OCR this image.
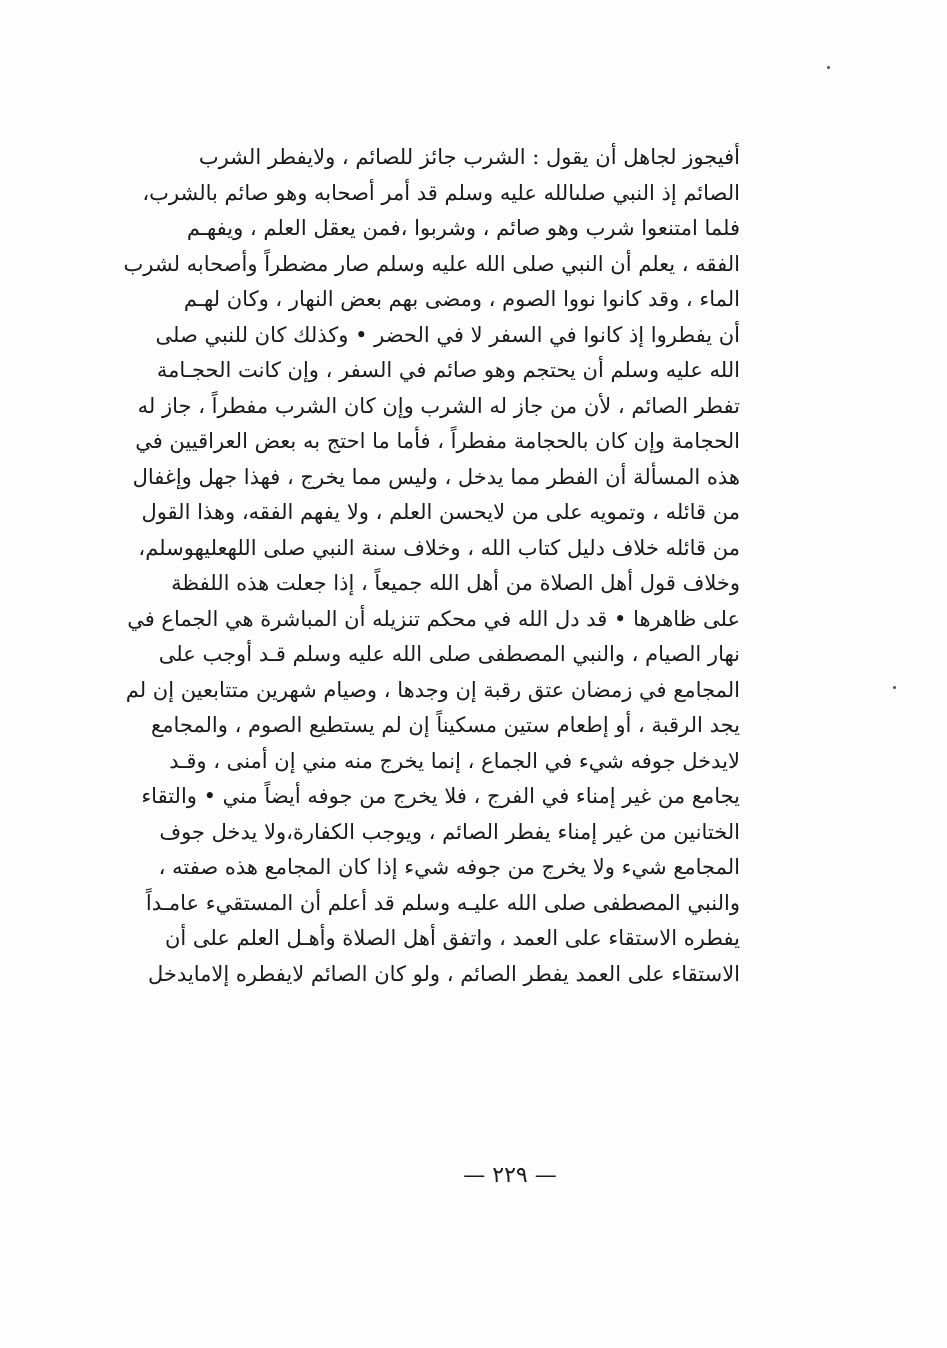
أفيجوز لجاهل أن يقول : الشرب جائز للصائم ، ولايفطر الشرب
الصائم إذ النبي صلىالله عليه وسلم قد أمر أصحابه وهو صائم بالشرب،
فلما امتنعوا شرب وهو صائم ، وشربوا ،فمن يعقل العلم ، ويفهـم
الفقه ، يعلم أن النبي صلى الله عليه وسلم صار مضطراً وأصحابه لشرب
الماء ، وقد كانوا نووا الصوم ، ومضى بهم بعض النهار ، وكان لهـم
أن يفطروا إذ كانوا في السفر لا في الحضر • وكذلك كان للنبي صلى
الله عليه وسلم أن يحتجم وهو صائم في السفر ، وإن كانت الحجـامة
تفطر الصائم ، لأن من جاز له الشرب وإن كان الشرب مفطراً ، جاز له
الحجامة وإن كان بالحجامة مفطراً ، فأما ما احتج به بعض العراقيين في
هذه المسألة أن الفطر مما يدخل ، وليس مما يخرج ، فهذا جهل وإغفال
من قائله ، وتمويه على من لايحسن العلم ، ولا يفهم الفقه، وهذا القول
من قائله خلاف دليل كتاب الله ، وخلاف سنة النبي صلى اللهعليهوسلم،
وخلاف قول أهل الصلاة من أهل الله جميعاً ، إذا جعلت هذه اللفظة
على ظاهرها • قد دل الله في محكم تنزيله أن المباشرة هي الجماع في
نهار الصيام ، والنبي المصطفى صلى الله عليه وسلم قـد أوجب على
المجامع في زمضان عتق رقبة إن وجدها ، وصيام شهرين متتابعين إن لم
يجد الرقبة ، أو إطعام ستين مسكيناً إن لم يستطيع الصوم ، والمجامع
لايدخل جوفه شيء في الجماع ، إنما يخرج منه مني إن أمنى ، وقـد
يجامع من غير إمناء في الفرج ، فلا يخرج من جوفه أيضاً مني • والتقاء
الختانين من غير إمناء يفطر الصائم ، ويوجب الكفارة،ولا يدخل جوف
المجامع شيء ولا يخرج من جوفه شيء إذا كان المجامع هذه صفته ،
والنبي المصطفى صلى الله عليـه وسلم قد أعلم أن المستقيء عامـداً
يفطره الاستقاء على العمد ، واتفق أهل الصلاة وأهـل العلم على أن
الاستقاء على العمد يفطر الصائم ، ولو كان الصائم لايفطره إلامايدخل
— ٢٢٩ —
